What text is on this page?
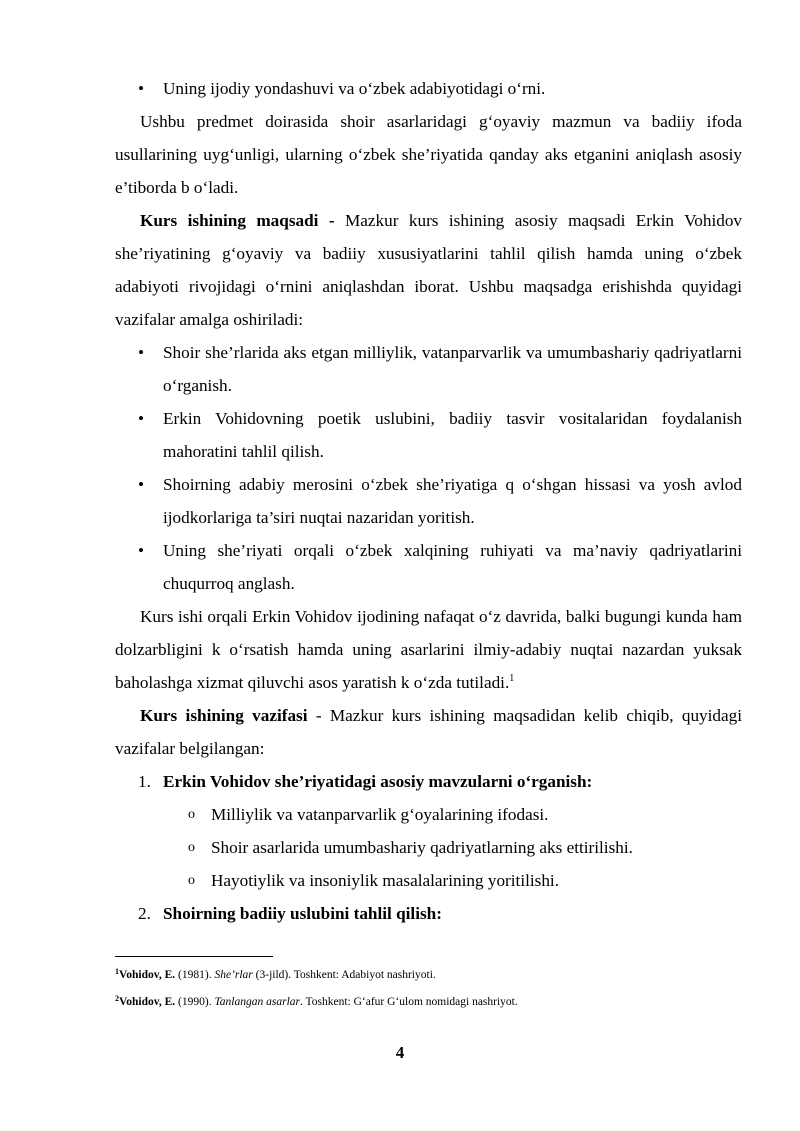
• Uning ijodiy yondashuvi va o‘zbek adabiyotidagi o‘rni.

Ushbu predmet doirasida shoir asarlaridagi g‘oyaviy mazmun va badiiy ifoda usullarining uyg‘unligi, ularning o‘zbek she’riyatida qanday aks etganini aniqlash asosiy e’tiborda b o‘ladi.

Kurs ishining maqsadi - Mazkur kurs ishining asosiy maqsadi Erkin Vohidov she’riyatining g‘oyaviy va badiiy xususiyatlarini tahlil qilish hamda uning o‘zbek adabiyoti rivojidagi o‘rnini aniqlashdan iborat. Ushbu maqsadga erishishda quyidagi vazifalar amalga oshiriladi:

• Shoir she’rlarida aks etgan milliylik, vatanparvarlik va umumbashariy qadriyatlarni o‘rganish.
• Erkin Vohidovning poetik uslubini, badiiy tasvir vositalaridan foydalanish mahoratini tahlil qilish.
• Shoirning adabiy merosini o‘zbek she’riyatiga q o‘shgan hissasi va yosh avlod ijodkorlariga ta’siri nuqtai nazaridan yoritish.
• Uning she’riyati orqali o‘zbek xalqining ruhiyati va ma’naviy qadriyatlarini chuqurroq anglash.

Kurs ishi orqali Erkin Vohidov ijodining nafaqat o‘z davrida, balki bugungi kunda ham dolzarbligini k o‘rsatish hamda uning asarlarini ilmiy-adabiy nuqtai nazardan yuksak baholashga xizmat qiluvchi asos yaratish k o‘zda tutiladi.$^1$

Kurs ishining vazifasi - Mazkur kurs ishining maqsadidan kelib chiqib, quyidagi vazifalar belgilangan:

1. Erkin Vohidov she’riyatidagi asosiy mavzularni o‘rganish:
o Milliylik va vatanparvarlik g‘oyalarining ifodasi.
o Shoir asarlarida umumbashariy qadriyatlarning aks ettirilishi.
o Hayotiylik va insoniylik masalalarining yoritilishi.
2. Shoirning badiiy uslubini tahlil qilish:
$^1$Vohidov, E. (1981). She’rlar (3-jild). Toshkent: Adabiyot nashriyoti.
$^2$Vohidov, E. (1990). Tanlangan asarlar. Toshkent: G‘afur G‘ulom nomidagi nashriyot.
4
